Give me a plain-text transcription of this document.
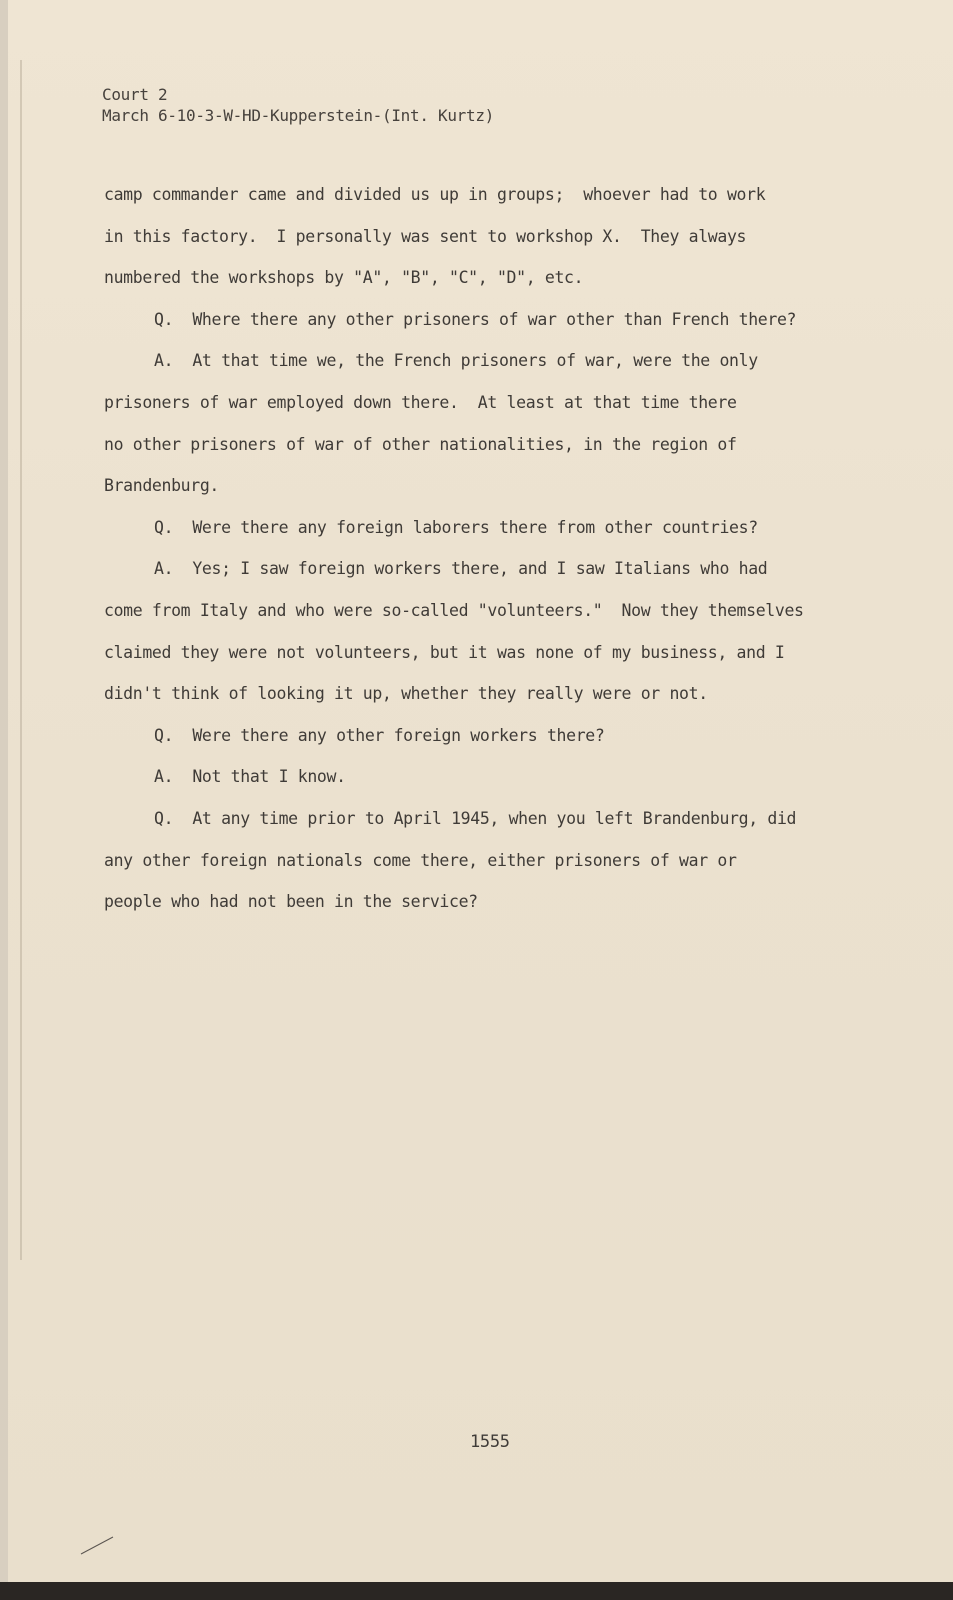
Court 2
March 6-10-3-W-HD-Kupperstein-(Int. Kurtz)
camp commander came and divided us up in groups;  whoever had to work
in this factory.  I personally was sent to workshop X.  They always
numbered the workshops by "A", "B", "C", "D", etc.
Q.  Where there any other prisoners of war other than French there?
A.  At that time we, the French prisoners of war, were the only
prisoners of war employed down there.  At least at that time there
no other prisoners of war of other nationalities, in the region of
Brandenburg.
Q.  Were there any foreign laborers there from other countries?
A.  Yes; I saw foreign workers there, and I saw Italians who had
come from Italy and who were so-called "volunteers."  Now they themselves
claimed they were not volunteers, but it was none of my business, and I
didn't think of looking it up, whether they really were or not.
Q.  Were there any other foreign workers there?
A.  Not that I know.
Q.  At any time prior to April 1945, when you left Brandenburg, did
any other foreign nationals come there, either prisoners of war or
people who had not been in the service?
1555
